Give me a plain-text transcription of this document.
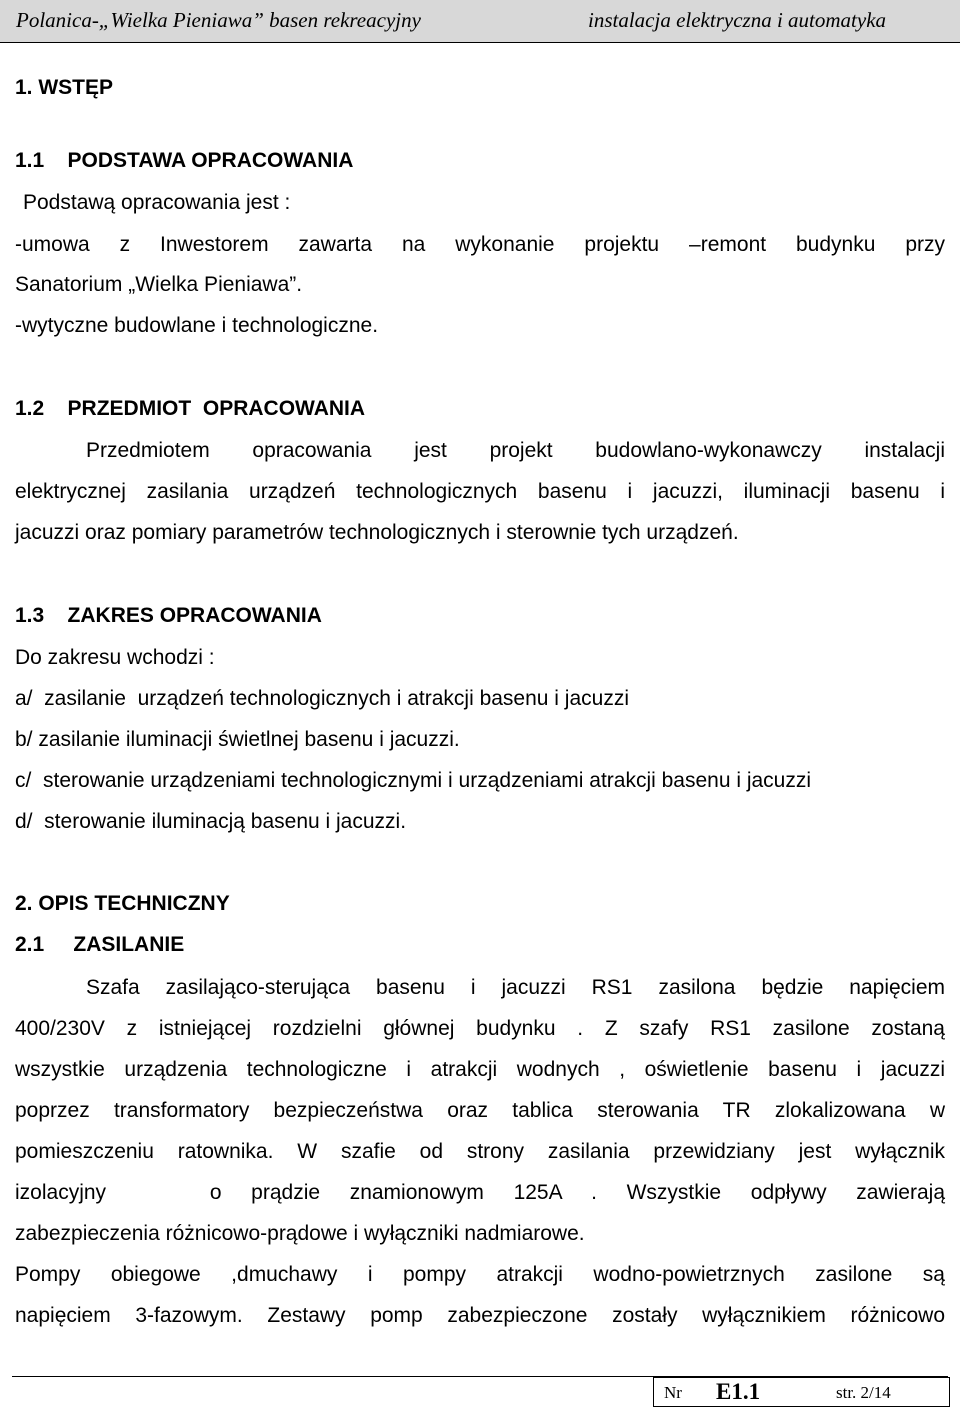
Polanica-„Wielka Pieniawa” basen rekreacyjny	instalacja elektryczna i automatyka
1. WSTĘP
1.1    PODSTAWA OPRACOWANIA
Podstawą opracowania jest :
-umowa z Inwestorem zawarta na wykonanie projektu –remont budynku przy
Sanatorium „Wielka Pieniawa”.
-wytyczne budowlane i technologiczne.
1.2    PRZEDMIOT  OPRACOWANIA
Przedmiotem opracowania jest projekt budowlano-wykonawczy instalacji
elektrycznej zasilania urządzeń technologicznych basenu i jacuzzi, iluminacji basenu i
jacuzzi oraz pomiary parametrów technologicznych i sterownie tych urządzeń.
1.3    ZAKRES OPRACOWANIA
Do zakresu wchodzi :
a/  zasilanie  urządzeń technologicznych i atrakcji basenu i jacuzzi
b/ zasilanie iluminacji świetlnej basenu i jacuzzi.
c/  sterowanie urządzeniami technologicznymi i urządzeniami atrakcji basenu i jacuzzi
d/  sterowanie iluminacją basenu i jacuzzi.
2. OPIS TECHNICZNY
2.1     ZASILANIE
Szafa zasilająco-sterująca basenu i jacuzzi RS1 zasilona będzie napięciem
400/230V z istniejącej rozdzielni głównej budynku . Z szafy RS1 zasilone zostaną
wszystkie urządzenia technologiczne i atrakcji wodnych , oświetlenie basenu i jacuzzi
poprzez transformatory bezpieczeństwa oraz tablica sterowania TR zlokalizowana w
pomieszczeniu ratownika. W szafie od strony zasilania przewidziany jest wyłącznik
izolacyjny       o  prądzie  znamionowym  125A  .  Wszystkie  odpływy  zawierają
zabezpieczenia różnicowo-prądowe i wyłączniki nadmiarowe.
Pompy obiegowe ,dmuchawy i pompy atrakcji wodno-powietrznych zasilone są
napięciem 3-fazowym. Zestawy pomp zabezpieczone zostały wyłącznikiem różnicowo
Nr E1.1	str. 2/14
